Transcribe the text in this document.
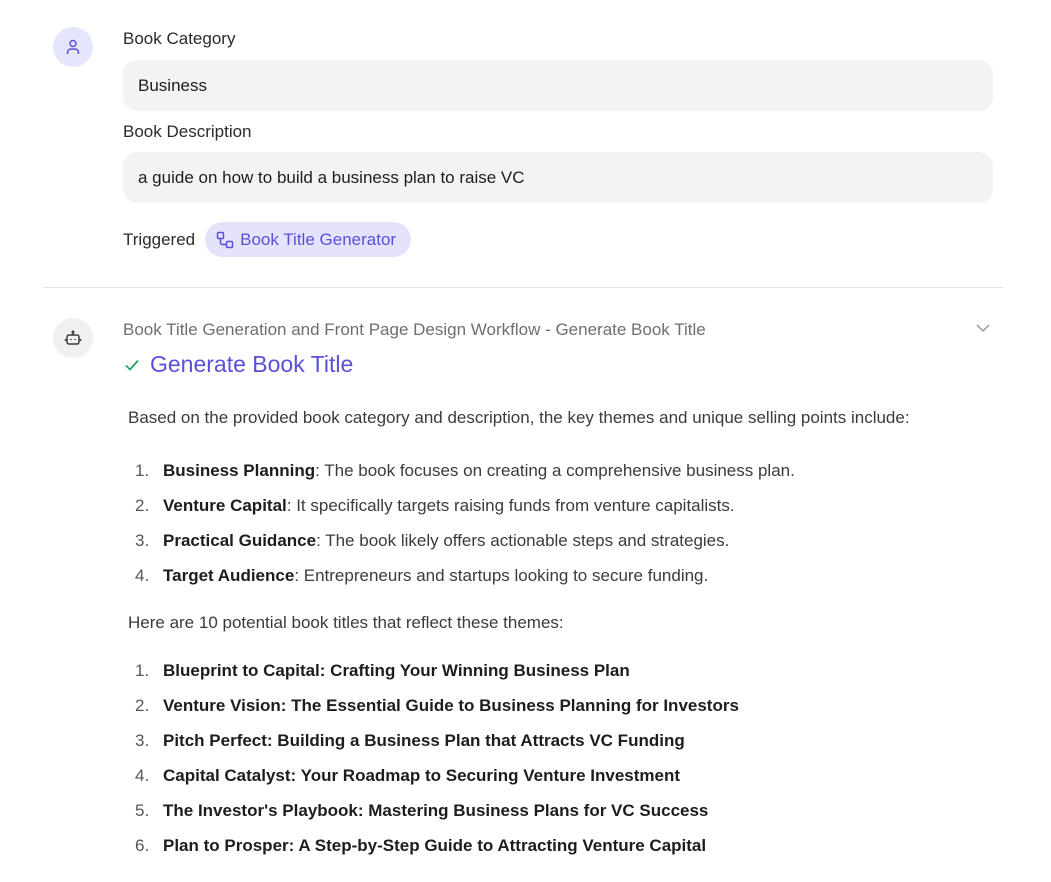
Book Category
Business
Book Description
a guide on how to build a business plan to raise VC
Triggered	Book Title Generator
Book Title Generation and Front Page Design Workflow - Generate Book Title
Generate Book Title

Based on the provided book category and description, the key themes and unique selling points include:

1. Business Planning: The book focuses on creating a comprehensive business plan.
2. Venture Capital: It specifically targets raising funds from venture capitalists.
3. Practical Guidance: The book likely offers actionable steps and strategies.
4. Target Audience: Entrepreneurs and startups looking to secure funding.

Here are 10 potential book titles that reflect these themes:

1. Blueprint to Capital: Crafting Your Winning Business Plan
2. Venture Vision: The Essential Guide to Business Planning for Investors
3. Pitch Perfect: Building a Business Plan that Attracts VC Funding
4. Capital Catalyst: Your Roadmap to Securing Venture Investment
5. The Investor's Playbook: Mastering Business Plans for VC Success
6. Plan to Prosper: A Step-by-Step Guide to Attracting Venture Capital
